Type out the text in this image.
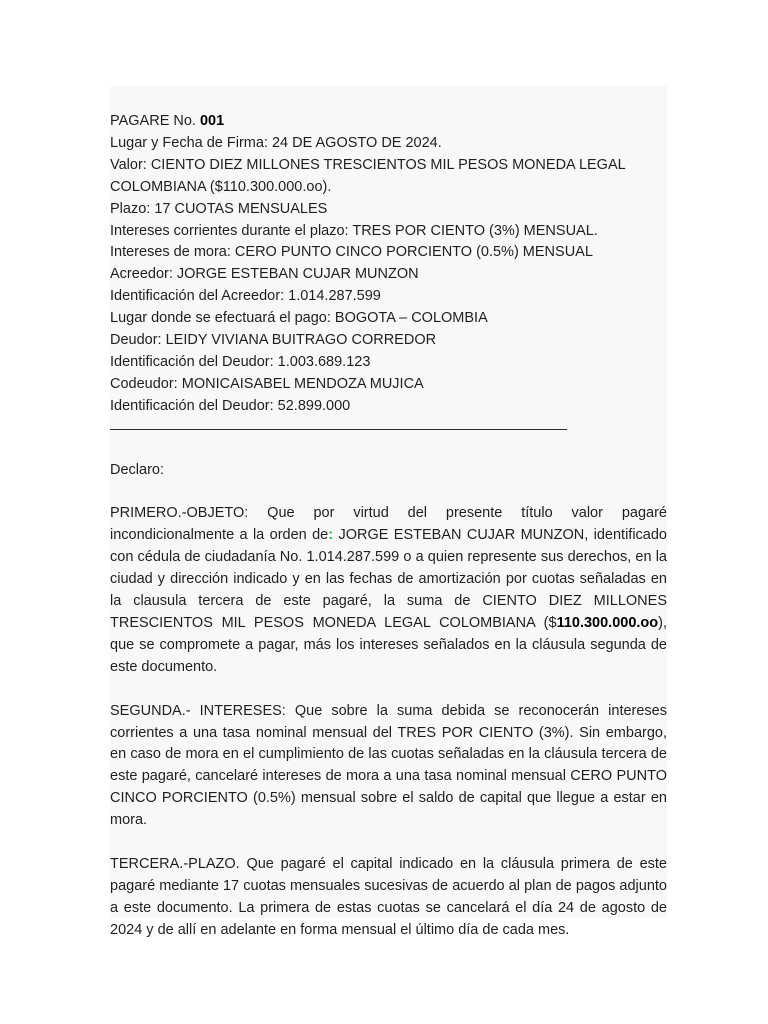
PAGARE No. 001

Lugar y Fecha de Firma: 24 DE AGOSTO DE 2024.

Valor: CIENTO DIEZ MILLONES TRESCIENTOS MIL PESOS MONEDA LEGAL COLOMBIANA ($110.300.000.oo).

Plazo: 17 CUOTAS MENSUALES

Intereses corrientes durante el plazo: TRES POR CIENTO (3%) MENSUAL.

Intereses de mora: CERO PUNTO CINCO PORCIENTO (0.5%) MENSUAL

Acreedor: JORGE ESTEBAN CUJAR MUNZON

Identificación del Acreedor: 1.014.287.599

Lugar donde se efectuará el pago: BOGOTA – COLOMBIA

Deudor: LEIDY VIVIANA BUITRAGO CORREDOR

Identificación del Deudor: 1.003.689.123

Codeudor: MONICAISABEL MENDOZA MUJICA

Identificación del Deudor: 52.899.000

Declaro:

PRIMERO.-OBJETO: Que por virtud del presente título valor pagaré incondicionalmente a la orden de: JORGE ESTEBAN CUJAR MUNZON, identificado con cédula de ciudadanía No. 1.014.287.599 o a quien represente sus derechos, en la ciudad y dirección indicado y en las fechas de amortización por cuotas señaladas en la clausula tercera de este pagaré, la suma de CIENTO DIEZ MILLONES TRESCIENTOS MIL PESOS MONEDA LEGAL COLOMBIANA ($110.300.000.oo), que se compromete a pagar, más los intereses señalados en la cláusula segunda de este documento.

SEGUNDA.- INTERESES: Que sobre la suma debida se reconocerán intereses corrientes a una tasa nominal mensual del TRES POR CIENTO (3%). Sin embargo, en caso de mora en el cumplimiento de las cuotas señaladas en la cláusula tercera de este pagaré, cancelaré intereses de mora a una tasa nominal mensual CERO PUNTO CINCO PORCIENTO (0.5%) mensual sobre el saldo de capital que llegue a estar en mora.

TERCERA.-PLAZO. Que pagaré el capital indicado en la cláusula primera de este pagaré mediante 17 cuotas mensuales sucesivas de acuerdo al plan de pagos adjunto a este documento. La primera de estas cuotas se cancelará el día 24 de agosto de 2024 y de allí en adelante en forma mensual el último día de cada mes.
